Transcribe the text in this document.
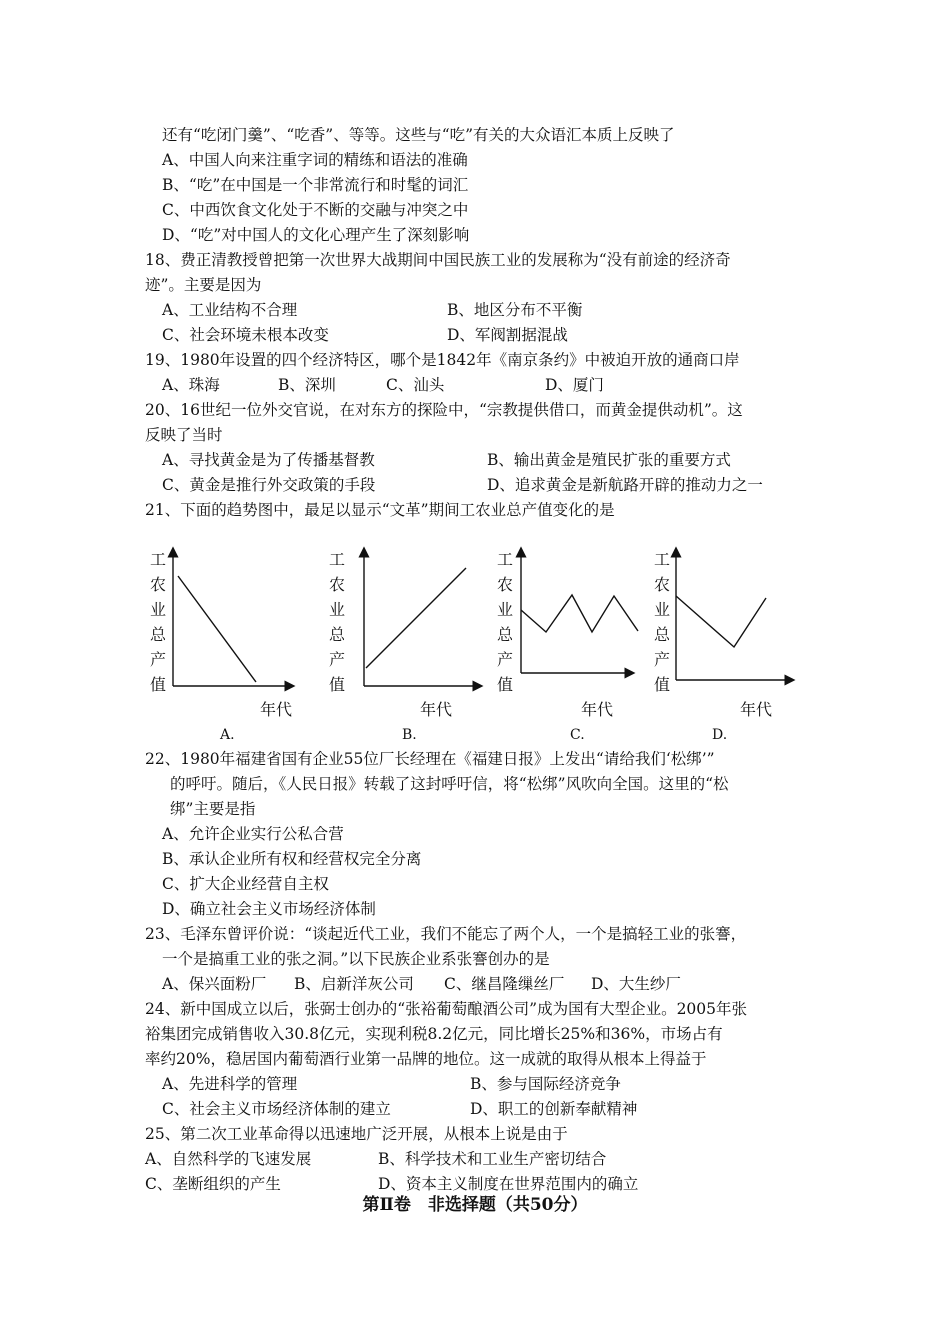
还有“吃闭门羹”、“吃香”、等等。这些与“吃”有关的大众语汇本质上反映了
A、中国人向来注重字词的精练和语法的准确
B、“吃”在中国是一个非常流行和时髦的词汇
C、中西饮食文化处于不断的交融与冲突之中
D、“吃”对中国人的文化心理产生了深刻影响
18、费正清教授曾把第一次世界大战期间中国民族工业的发展称为“没有前途的经济奇
迹”。主要是因为
A、工业结构不合理	B、地区分布不平衡
C、社会环境未根本改变	D、军阀割据混战
19、1980年设置的四个经济特区，哪个是1842年《南京条约》中被迫开放的通商口岸
A、珠海	B、深圳	C、汕头	D、厦门
20、16世纪一位外交官说，在对东方的探险中，“宗教提供借口，而黄金提供动机”。这
反映了当时
A、寻找黄金是为了传播基督教	B、输出黄金是殖民扩张的重要方式
C、黄金是推行外交政策的手段	D、追求黄金是新航路开辟的推动力之一
21、下面的趋势图中，最足以显示“文革”期间工农业总产值变化的是
工
农
业
总
产
值
年代
A.
工
农
业
总
产
值
年代
B.
工
农
业
总
产
值
年代
C.
工
农
业
总
产
值
年代
D.
22、1980年福建省国有企业55位厂长经理在《福建日报》上发出“请给我们‘松绑’”
的呼吁。随后，《人民日报》转载了这封呼吁信，将“松绑”风吹向全国。这里的“松
绑”主要是指
A、允许企业实行公私合营
B、承认企业所有权和经营权完全分离
C、扩大企业经营自主权
D、确立社会主义市场经济体制
23、毛泽东曾评价说：“谈起近代工业，我们不能忘了两个人，一个是搞轻工业的张謇，
一个是搞重工业的张之洞。”以下民族企业系张謇创办的是
A、保兴面粉厂 B、启新洋灰公司 C、继昌隆缫丝厂 D、大生纱厂
24、新中国成立以后，张弼士创办的“张裕葡萄酿酒公司”成为国有大型企业。2005年张
裕集团完成销售收入30.8亿元，实现利税8.2亿元，同比增长25%和36%，市场占有
率约20%，稳居国内葡萄酒行业第一品牌的地位。这一成就的取得从根本上得益于
A、先进科学的管理	B、参与国际经济竞争
C、社会主义市场经济体制的建立	D、职工的创新奉献精神
25、第二次工业革命得以迅速地广泛开展，从根本上说是由于
A、自然科学的飞速发展	B、科学技术和工业生产密切结合
C、垄断组织的产生	D、资本主义制度在世界范围内的确立
第Ⅱ卷　非选择题（共50分）
